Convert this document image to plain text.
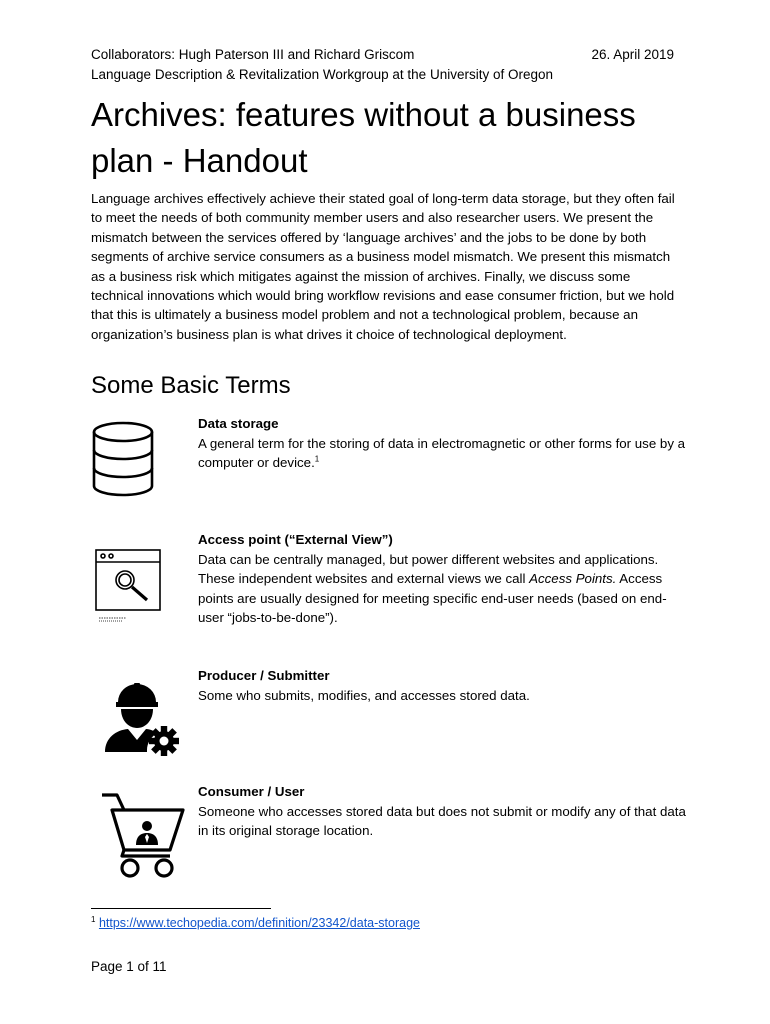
Collaborators: Hugh Paterson III and Richard Griscom	26. April 2019
Language Description & Revitalization Workgroup at the University of Oregon
Archives: features without a business plan - Handout

Language archives effectively achieve their stated goal of long-term data storage, but they often fail to meet the needs of both community member users and also researcher users. We present the mismatch between the services offered by ‘language archives’ and the jobs to be done by both segments of archive service consumers as a business model mismatch. We present this mismatch as a business risk which mitigates against the mission of archives. Finally, we discuss some technical innovations which would bring workflow revisions and ease consumer friction, but we hold that this is ultimately a business model problem and not a technological problem, because an organization’s business plan is what drives it choice of technological deployment.

Some Basic Terms
Data storage
A general term for the storing of data in electromagnetic or other forms for use by a computer or device.$^1$
Access point (“External View”)
Data can be centrally managed, but power different websites and applications. These independent websites and external views we call Access Points. Access points are usually designed for meeting specific end-user needs (based on end-user “jobs-to-be-done”).
Producer / Submitter
Some who submits, modifies, and accesses stored data.
Consumer / User
Someone who accesses stored data but does not submit or modify any of that data in its original storage location.
$^1$ https://www.techopedia.com/definition/23342/data-storage
Page 1 of 11
